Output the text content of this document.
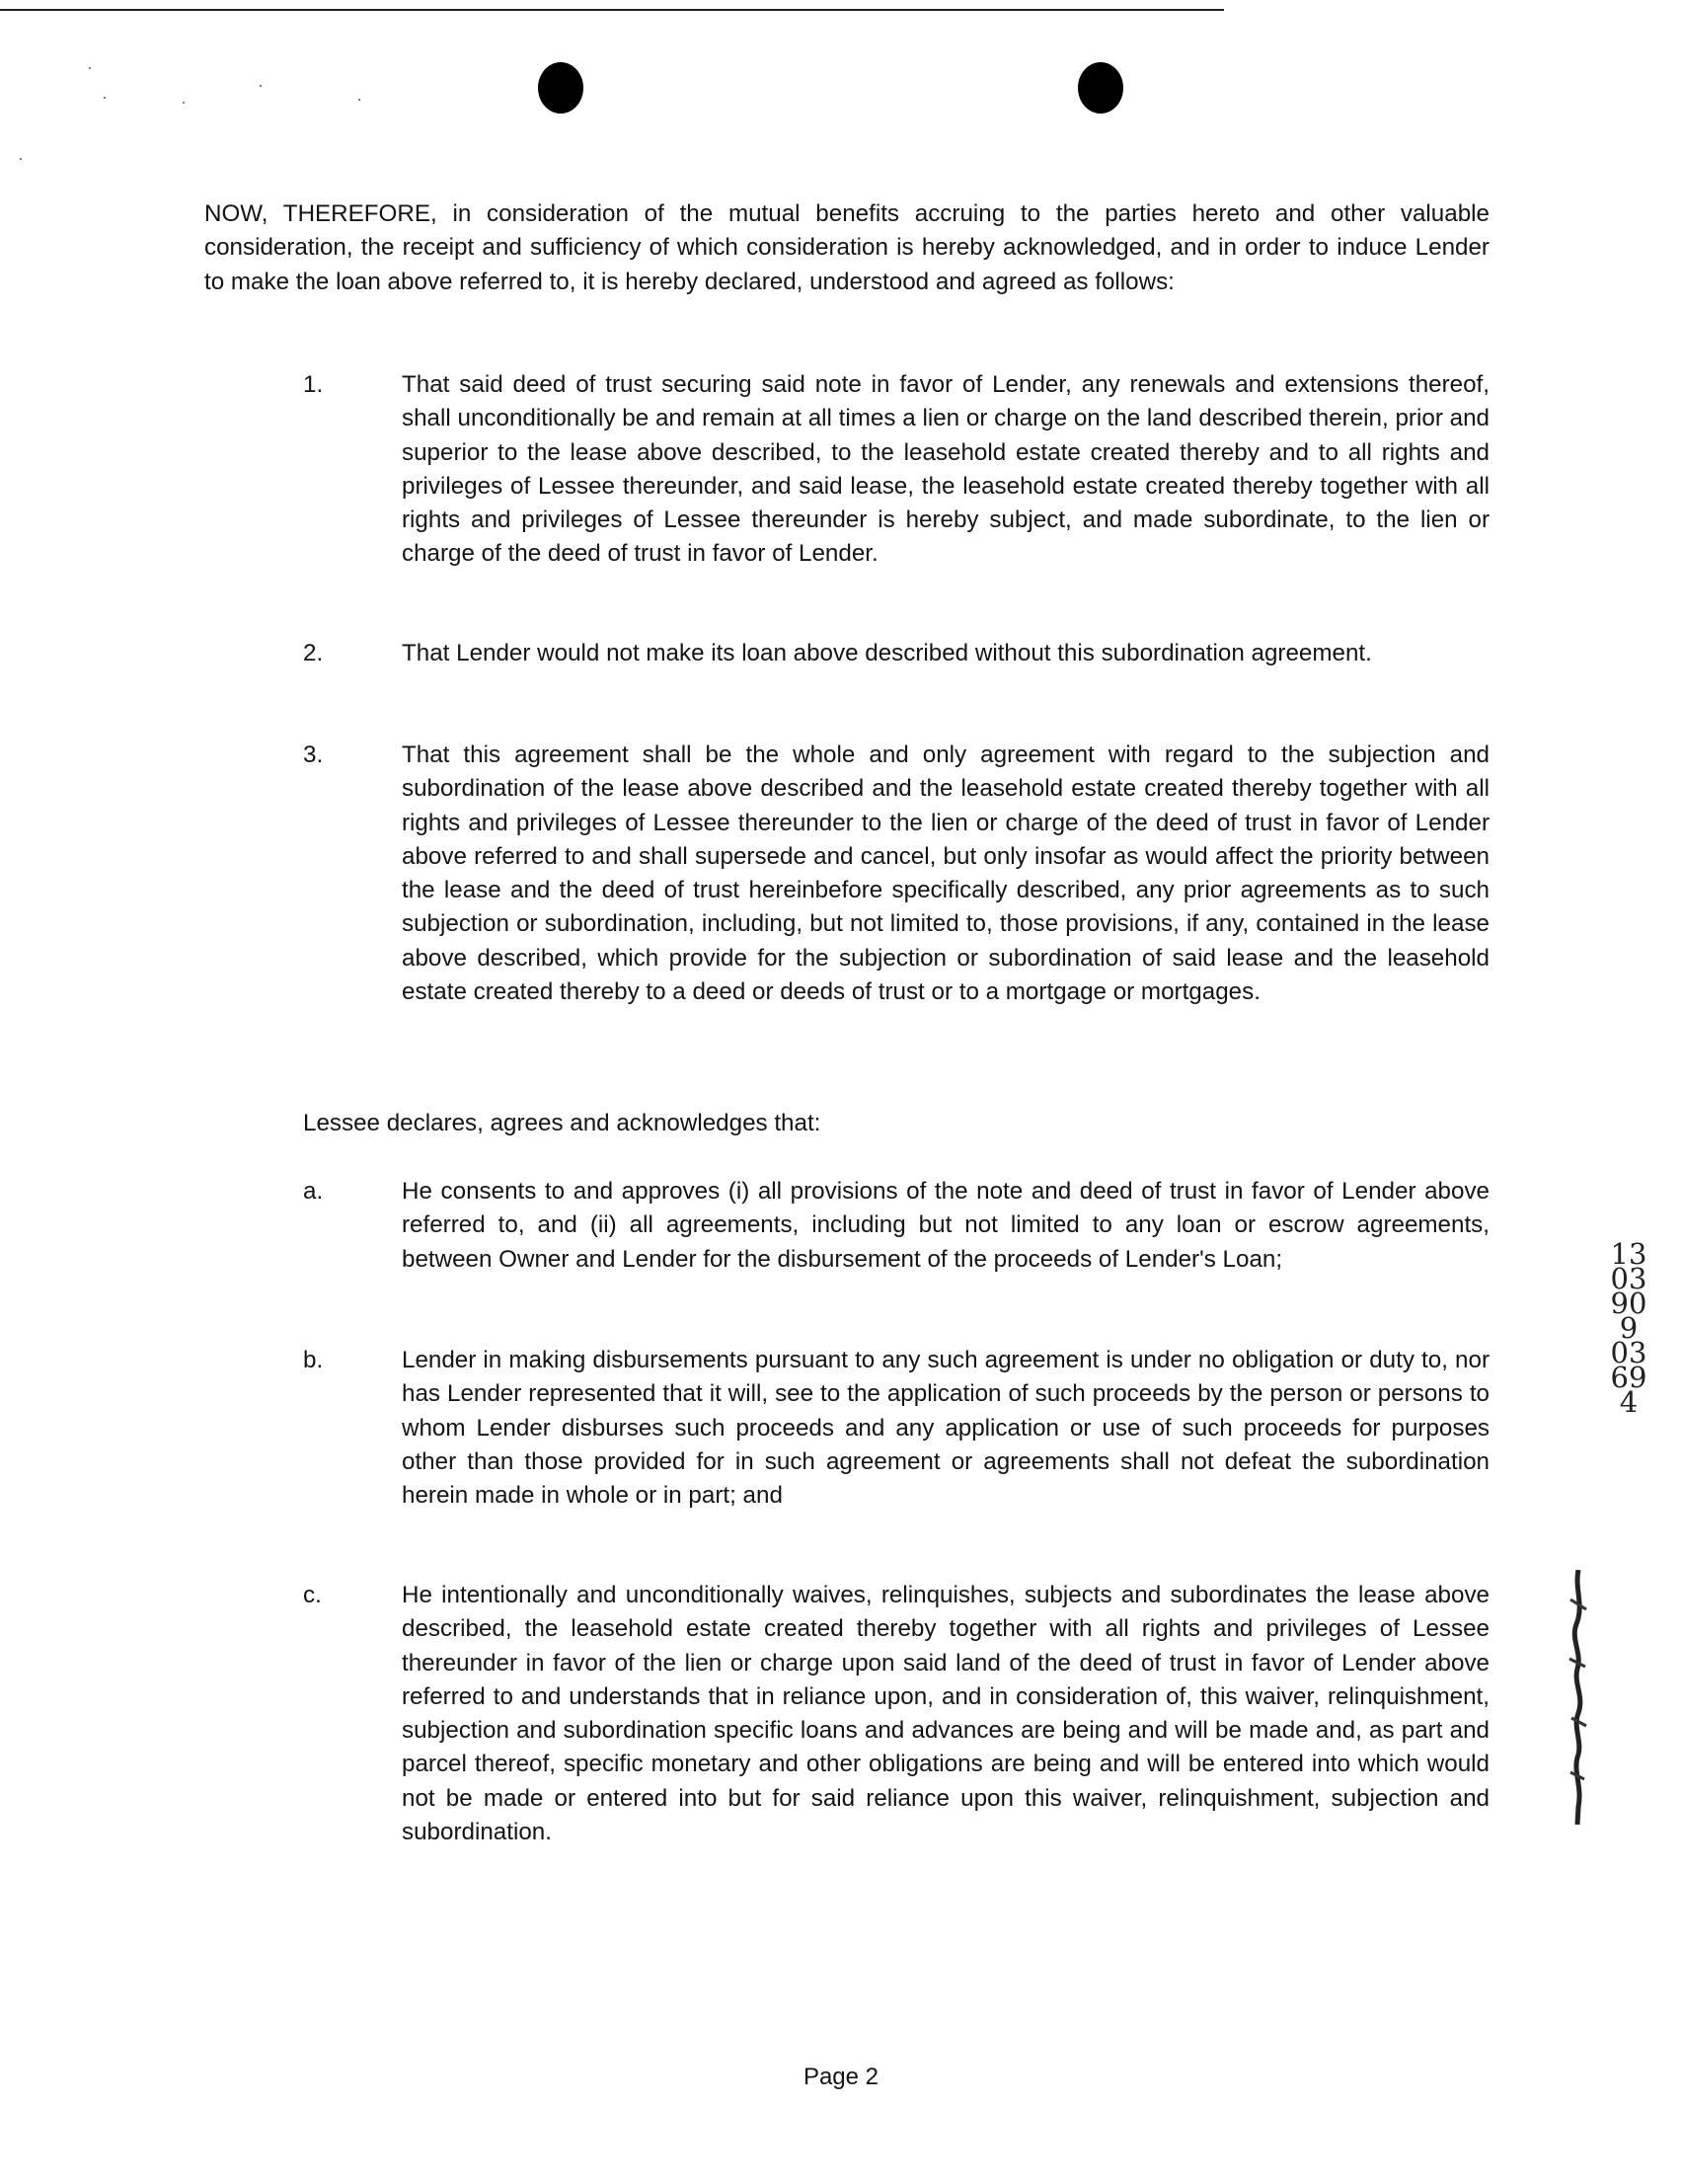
NOW, THEREFORE, in consideration of the mutual benefits accruing to the parties hereto and other valuable consideration, the receipt and sufficiency of which consideration is hereby acknowledged, and in order to induce Lender to make the loan above referred to, it is hereby declared, understood and agreed as follows:

1.	That said deed of trust securing said note in favor of Lender, any renewals and extensions thereof, shall unconditionally be and remain at all times a lien or charge on the land described therein, prior and superior to the lease above described, to the leasehold estate created thereby and to all rights and privileges of Lessee thereunder, and said lease, the leasehold estate created thereby together with all rights and privileges of Lessee thereunder is hereby subject, and made subordinate, to the lien or charge of the deed of trust in favor of Lender.

2.	That Lender would not make its loan above described without this subordination agreement.

3.	That this agreement shall be the whole and only agreement with regard to the subjection and subordination of the lease above described and the leasehold estate created thereby together with all rights and privileges of Lessee thereunder to the lien or charge of the deed of trust in favor of Lender above referred to and shall supersede and cancel, but only insofar as would affect the priority between the lease and the deed of trust hereinbefore specifically described, any prior agreements as to such subjection or subordination, including, but not limited to, those provisions, if any, contained in the lease above described, which provide for the subjection or subordination of said lease and the leasehold estate created thereby to a deed or deeds of trust or to a mortgage or mortgages.

Lessee declares, agrees and acknowledges that:

a.	He consents to and approves (i) all provisions of the note and deed of trust in favor of Lender above referred to, and (ii) all agreements, including but not limited to any loan or escrow agreements, between Owner and Lender for the disbursement of the proceeds of Lender's Loan;

b.	Lender in making disbursements pursuant to any such agreement is under no obligation or duty to, nor has Lender represented that it will, see to the application of such proceeds by the person or persons to whom Lender disburses such proceeds and any application or use of such proceeds for purposes other than those provided for in such agreement or agreements shall not defeat the subordination herein made in whole or in part; and

c.	He intentionally and unconditionally waives, relinquishes, subjects and subordinates the lease above described, the leasehold estate created thereby together with all rights and privileges of Lessee thereunder in favor of the lien or charge upon said land of the deed of trust in favor of Lender above referred to and understands that in reliance upon, and in consideration of, this waiver, relinquishment, subjection and subordination specific loans and advances are being and will be made and, as part and parcel thereof, specific monetary and other obligations are being and will be entered into which would not be made or entered into but for said reliance upon this waiver, relinquishment, subjection and subordination.

1303909 03694
Page 2
